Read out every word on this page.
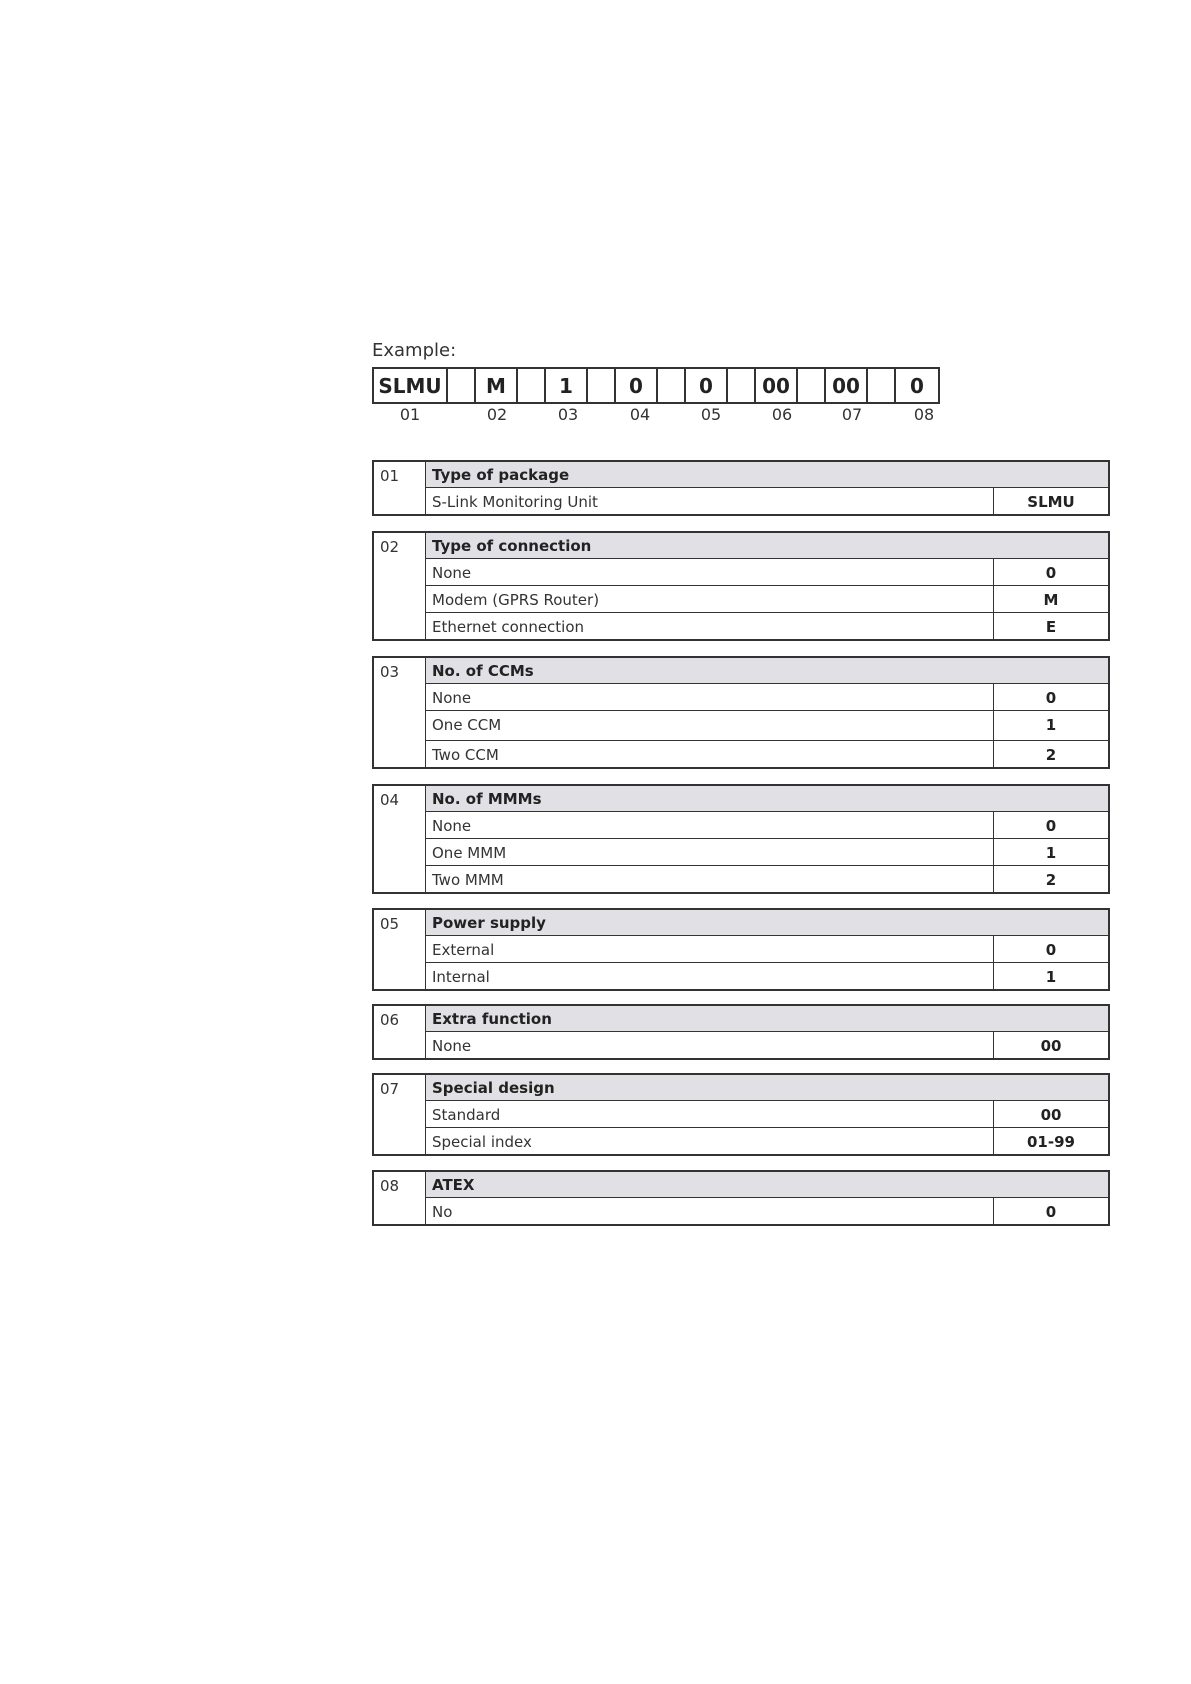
Example:
SLMU	M	1	0	0	00	00	0
01	02	03	04	05	06	07	08
01	Type of package
S-Link Monitoring Unit	SLMU
02	Type of connection
None	0
Modem (GPRS Router)	M
Ethernet connection	E
03	No. of CCMs
None	0
One CCM	1
Two CCM	2
04	No. of MMMs
None	0
One MMM	1
Two MMM	2
05	Power supply
External	0
Internal	1
06	Extra function
None	00
07	Special design
Standard	00
Special index	01-99
08	ATEX
No	0
